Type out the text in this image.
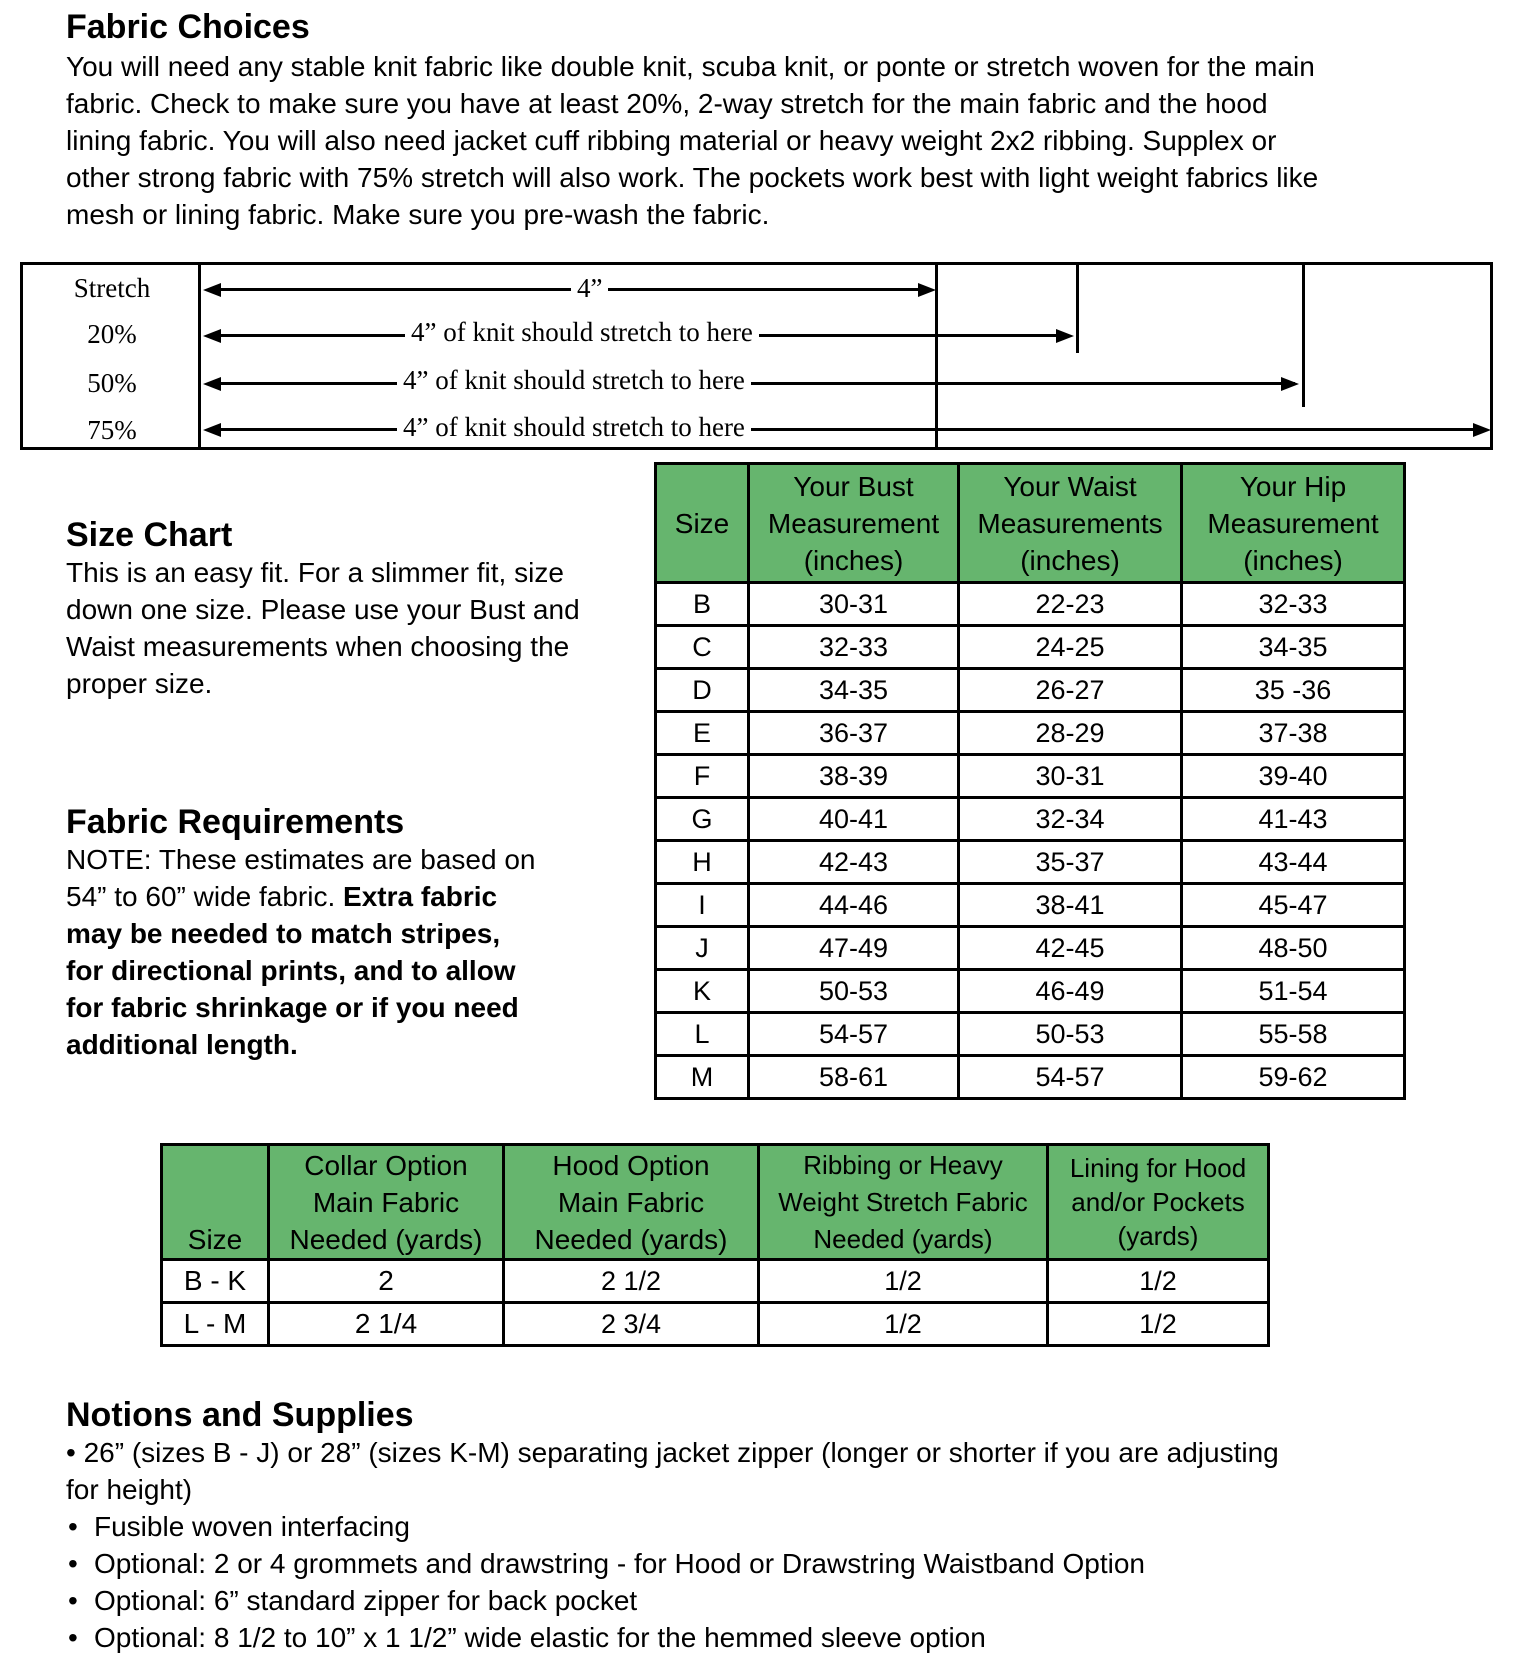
Fabric Choices
You will need any stable knit fabric like double knit, scuba knit, or ponte or stretch woven for the main
fabric. Check to make sure you have at least 20%, 2-way stretch for the main fabric and the hood
lining fabric. You will also need jacket cuff ribbing material or heavy weight 2x2 ribbing. Supplex or
other strong fabric with 75% stretch will also work. The pockets work best with light weight fabrics like
mesh or lining fabric. Make sure you pre-wash the fabric.
Stretch
20%
50%
75%
4”
4” of knit should stretch to here
4” of knit should stretch to here
4” of knit should stretch to here
Size Chart
This is an easy fit. For a slimmer fit, size
down one size. Please use your Bust and
Waist measurements when choosing the
proper size.
Size

Your Bust
Measurement
(inches)

Your Waist
Measurements
(inches)

Your Hip
Measurement
(inches)

B	30-31	22-23	32-33
C	32-33	24-25	34-35
D	34-35	26-27	35 -36
E	36-37	28-29	37-38
F	38-39	30-31	39-40
G	40-41	32-34	41-43
H	42-43	35-37	43-44
I	44-46	38-41	45-47
J	47-49	42-45	48-50
K	50-53	46-49	51-54
L	54-57	50-53	55-58
M	58-61	54-57	59-62
Fabric Requirements
NOTE: These estimates are based on
54” to 60” wide fabric. Extra fabric
may be needed to match stripes,
for directional prints, and to allow
for fabric shrinkage or if you need
additional length.
Size

Collar Option
Main Fabric
Needed (yards)

Hood Option
Main Fabric
Needed (yards)

Ribbing or Heavy
Weight Stretch Fabric
Needed (yards)

Lining for Hood
and/or Pockets
(yards)

B - K	2	2 1/2	1/2	1/2
L - M	2 1/4	2 3/4	1/2	1/2
Notions and Supplies
• 26” (sizes B - J) or 28” (sizes K-M) separating jacket zipper (longer or shorter if you are adjusting
for height)
• Fusible woven interfacing
• Optional: 2 or 4 grommets and drawstring - for Hood or Drawstring Waistband Option
• Optional: 6” standard zipper for back pocket
• Optional: 8 1/2 to 10” x 1 1/2” wide elastic for the hemmed sleeve option
